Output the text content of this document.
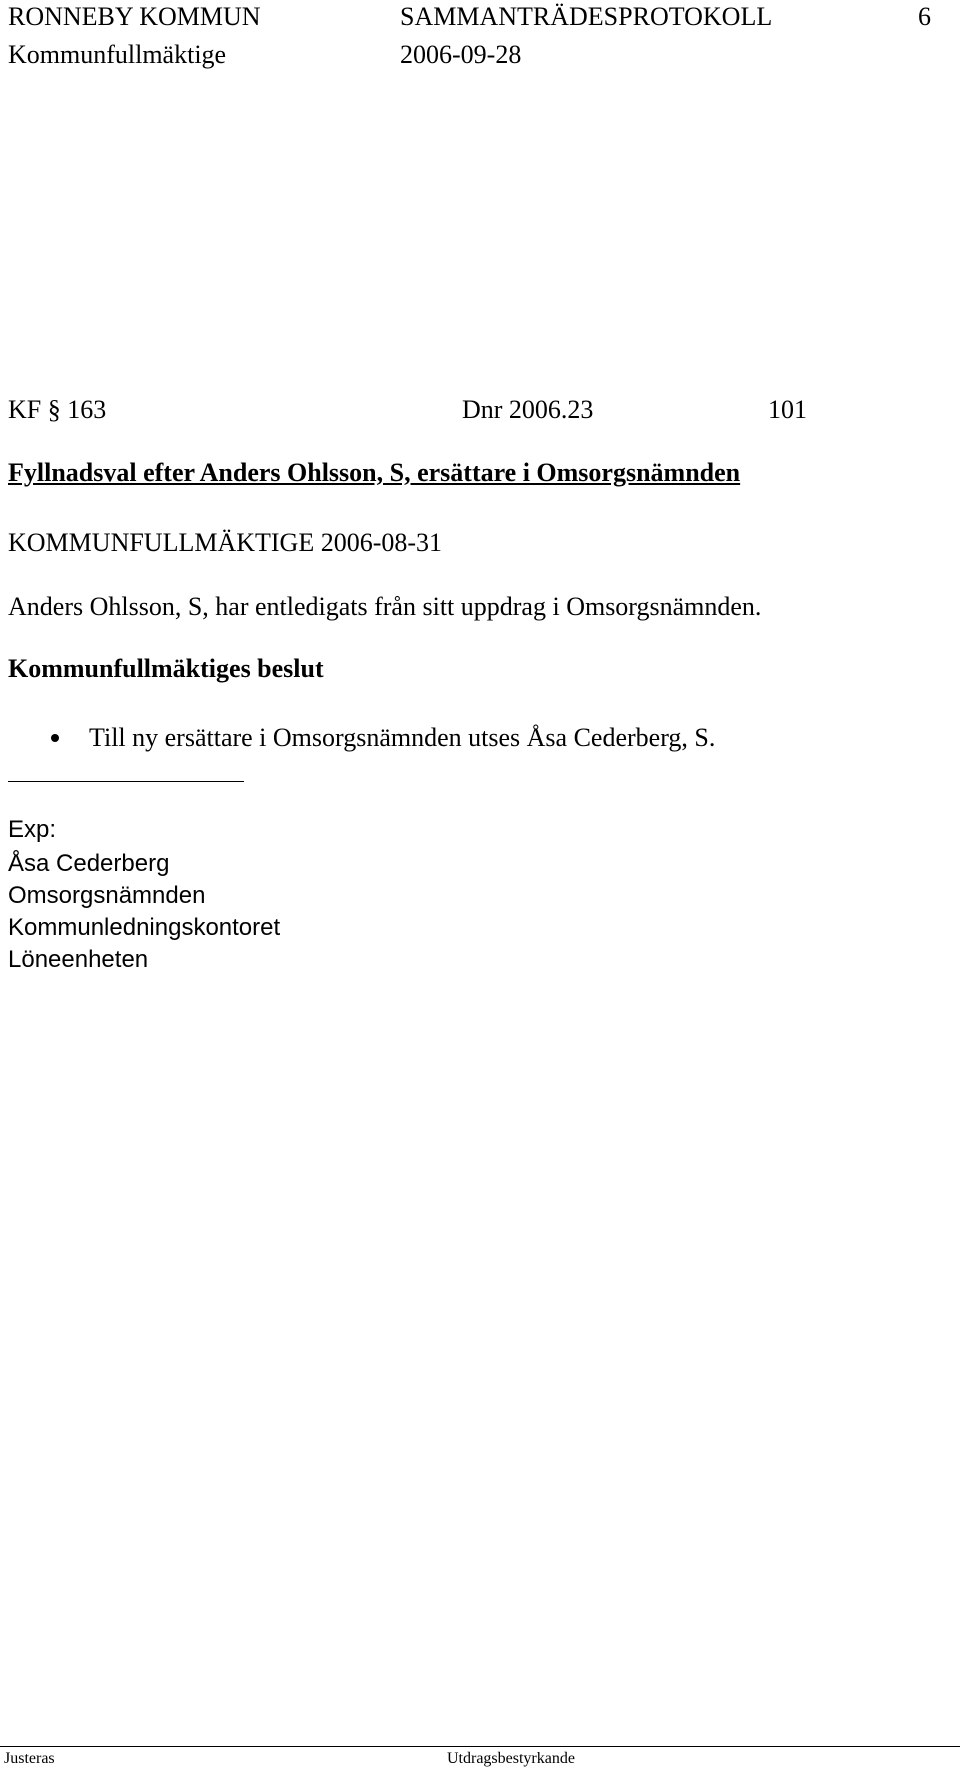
RONNEBY KOMMUN	SAMMANTRÄDESPROTOKOLL	6
Kommunfullmäktige	2006-09-28
KF § 163	Dnr 2006.23	101
Fyllnadsval efter Anders Ohlsson, S, ersättare i Omsorgsnämnden
KOMMUNFULLMÄKTIGE 2006-08-31
Anders Ohlsson, S, har entledigats från sitt uppdrag i Omsorgsnämnden.
Kommunfullmäktiges beslut
Till ny ersättare i Omsorgsnämnden utses Åsa Cederberg, S.
Exp:
Åsa Cederberg
Omsorgsnämnden
Kommunledningskontoret
Löneenheten
Justeras	Utdragsbestyrkande
